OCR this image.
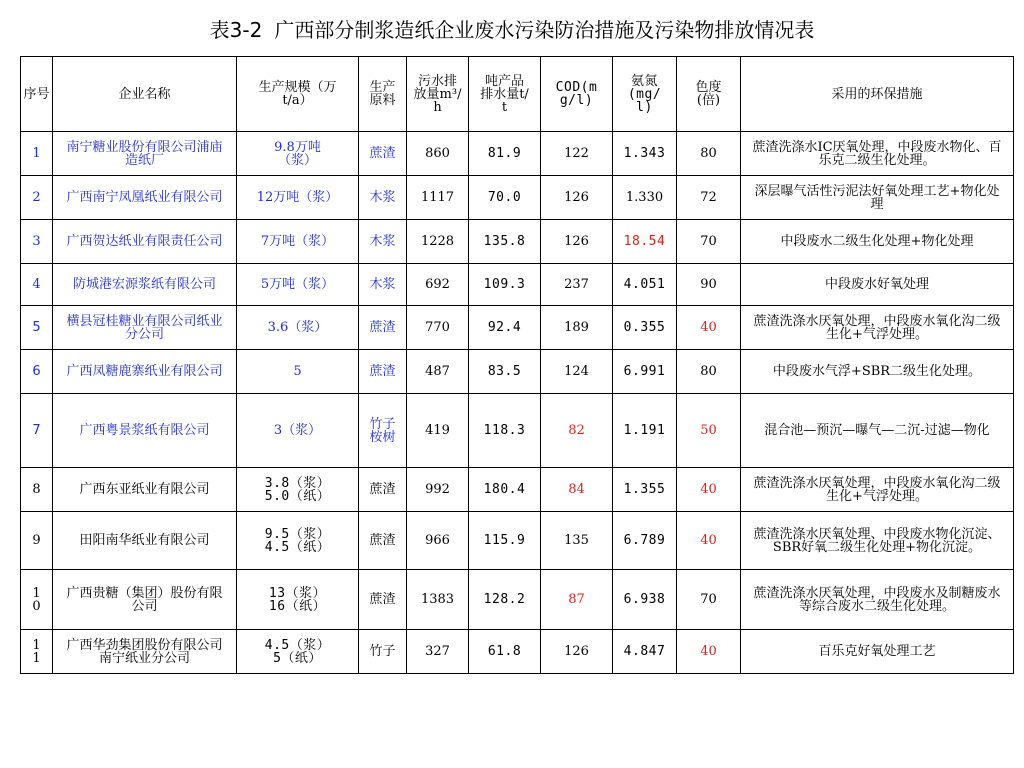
表3-2 广西部分制浆造纸企业废水污染防治措施及污染物排放情况表
序号	企业名称	生产规模（万t/a）	生产原料	污水排放量m³/h	吨产品排水量t/t	COD(mg/l)	氨氮(mg/l)	色度(倍)	采用的环保措施
1	南宁糖业股份有限公司浦庙造纸厂	9.8万吨（浆）	蔗渣	860	81.9	122	1.343	80	蔗渣洗涤水IC厌氧处理，中段废水物化、百乐克二级生化处理。
2	广西南宁凤凰纸业有限公司	12万吨（浆）	木浆	1117	70.0	126	1.330	72	深层曝气活性污泥法好氧处理工艺+物化处理
3	广西贺达纸业有限责任公司	7万吨（浆）	木浆	1228	135.8	126	18.54	70	中段废水二级生化处理+物化处理
4	防城港宏源浆纸有限公司	5万吨（浆）	木浆	692	109.3	237	4.051	90	中段废水好氧处理
5	横县冠桂糖业有限公司纸业分公司	3.6（浆）	蔗渣	770	92.4	189	0.355	40	蔗渣洗涤水厌氧处理，中段废水氧化沟二级生化+气浮处理。
6	广西凤糖鹿寨纸业有限公司	5	蔗渣	487	83.5	124	6.991	80	中段废水气浮+SBR二级生化处理。
7	广西粤景浆纸有限公司	3（浆）	竹子桉树	419	118.3	82	1.191	50	混合池—预沉—曝气—二沉-过滤—物化
8	广西东亚纸业有限公司	3.8（浆）
5.0（纸）	蔗渣	992	180.4	84	1.355	40	蔗渣洗涤水厌氧处理，中段废水氧化沟二级生化+气浮处理。
9	田阳南华纸业有限公司	9.5（浆）
4.5（纸）	蔗渣	966	115.9	135	6.789	40	蔗渣洗涤水厌氧处理、中段废水物化沉淀、SBR好氧二级生化处理+物化沉淀。
10	广西贵糖（集团）股份有限公司	13（浆）
16（纸）	蔗渣	1383	128.2	87	6.938	70	蔗渣洗涤水厌氧处理，中段废水及制糖废水等综合废水二级生化处理。
11	广西华劲集团股份有限公司南宁纸业分公司	4.5（浆）
5（纸）	竹子	327	61.8	126	4.847	40	百乐克好氧处理工艺
